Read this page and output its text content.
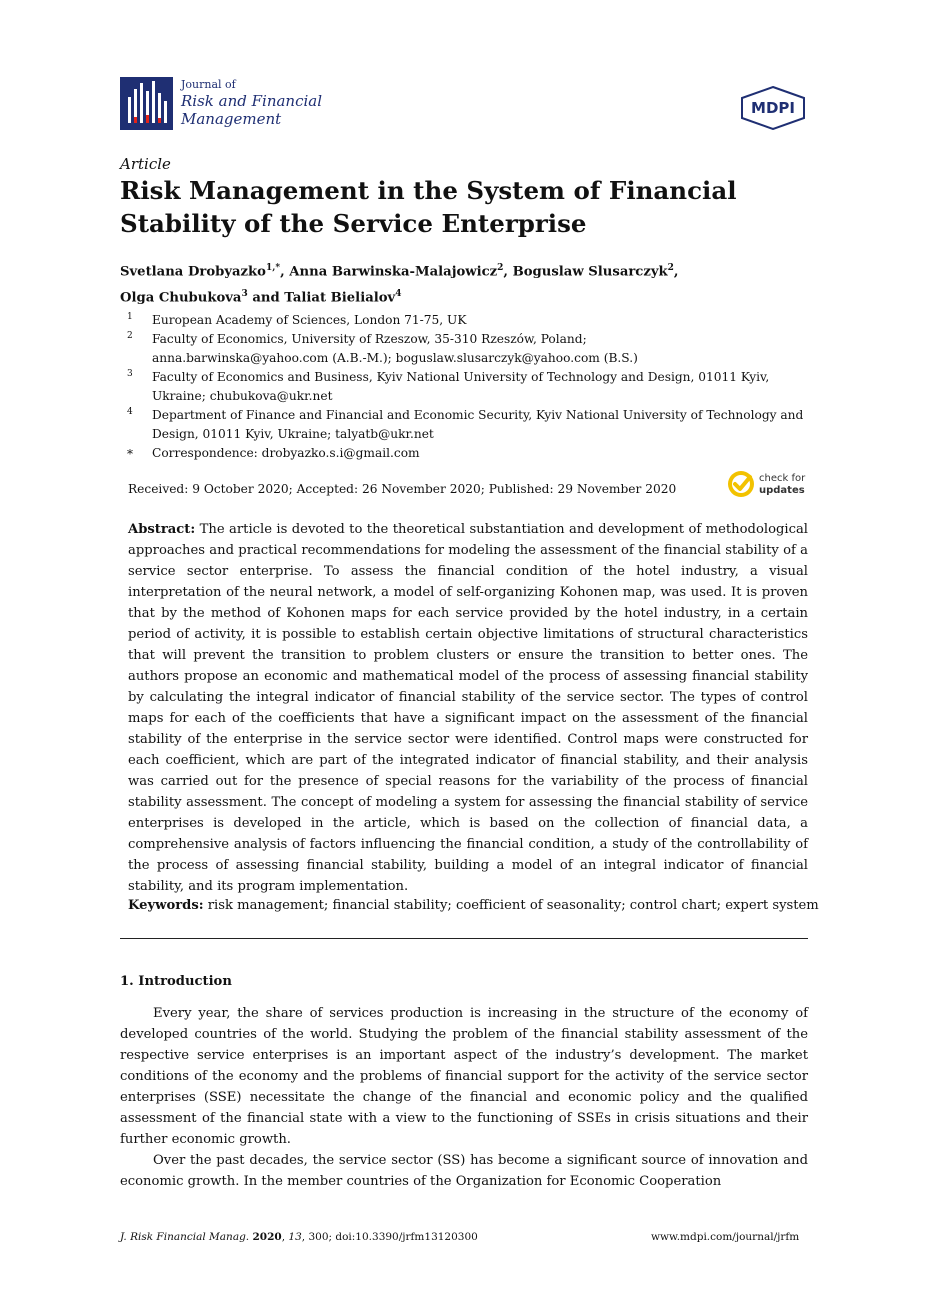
Journal of
Risk and Financial
Management
MDPI
Article
Risk Management in the System of Financial Stability of the Service Enterprise
Svetlana Drobyazko$^{1,*}$, Anna Barwinska-Malajowicz$^2$, Boguslaw Slusarczyk$^2$,
Olga Chubukova$^3$ and Taliat Bielialov$^4$
1 European Academy of Sciences, London 71-75, UK
2 Faculty of Economics, University of Rzeszow, 35-310 Rzeszów, Poland;
anna.barwinska@yahoo.com (A.B.-M.); boguslaw.slusarczyk@yahoo.com (B.S.)
3 Faculty of Economics and Business, Kyiv National University of Technology and Design, 01011 Kyiv,
Ukraine; chubukova@ukr.net
4 Department of Finance and Financial and Economic Security, Kyiv National University of Technology and
Design, 01011 Kyiv, Ukraine; talyatb@ukr.net
* Correspondence: drobyazko.s.i@gmail.com
Received: 9 October 2020; Accepted: 26 November 2020; Published: 29 November 2020
check for
updates

Abstract: The article is devoted to the theoretical substantiation and development of methodological approaches and practical recommendations for modeling the assessment of the financial stability of a service sector enterprise. To assess the financial condition of the hotel industry, a visual interpretation of the neural network, a model of self-organizing Kohonen map, was used. It is proven that by the method of Kohonen maps for each service provided by the hotel industry, in a certain period of activity, it is possible to establish certain objective limitations of structural characteristics that will prevent the transition to problem clusters or ensure the transition to better ones. The authors propose an economic and mathematical model of the process of assessing financial stability by calculating the integral indicator of financial stability of the service sector. The types of control maps for each of the coefficients that have a significant impact on the assessment of the financial stability of the enterprise in the service sector were identified. Control maps were constructed for each coefficient, which are part of the integrated indicator of financial stability, and their analysis was carried out for the presence of special reasons for the variability of the process of financial stability assessment. The concept of modeling a system for assessing the financial stability of service enterprises is developed in the article, which is based on the collection of financial data, a comprehensive analysis of factors influencing the financial condition, a study of the controllability of the process of assessing financial stability, building a model of an integral indicator of financial stability, and its program implementation.

Keywords: risk management; financial stability; coefficient of seasonality; control chart; expert system

1. Introduction

Every year, the share of services production is increasing in the structure of the economy of developed countries of the world. Studying the problem of the financial stability assessment of the respective service enterprises is an important aspect of the industry’s development. The market conditions of the economy and the problems of financial support for the activity of the service sector enterprises (SSE) necessitate the change of the financial and economic policy and the qualified assessment of the financial state with a view to the functioning of SSEs in crisis situations and their further economic growth.

Over the past decades, the service sector (SS) has become a significant source of innovation and economic growth. In the member countries of the Organization for Economic Cooperation

J. Risk Financial Manag. 2020, 13, 300; doi:10.3390/jrfm13120300	www.mdpi.com/journal/jrfm
